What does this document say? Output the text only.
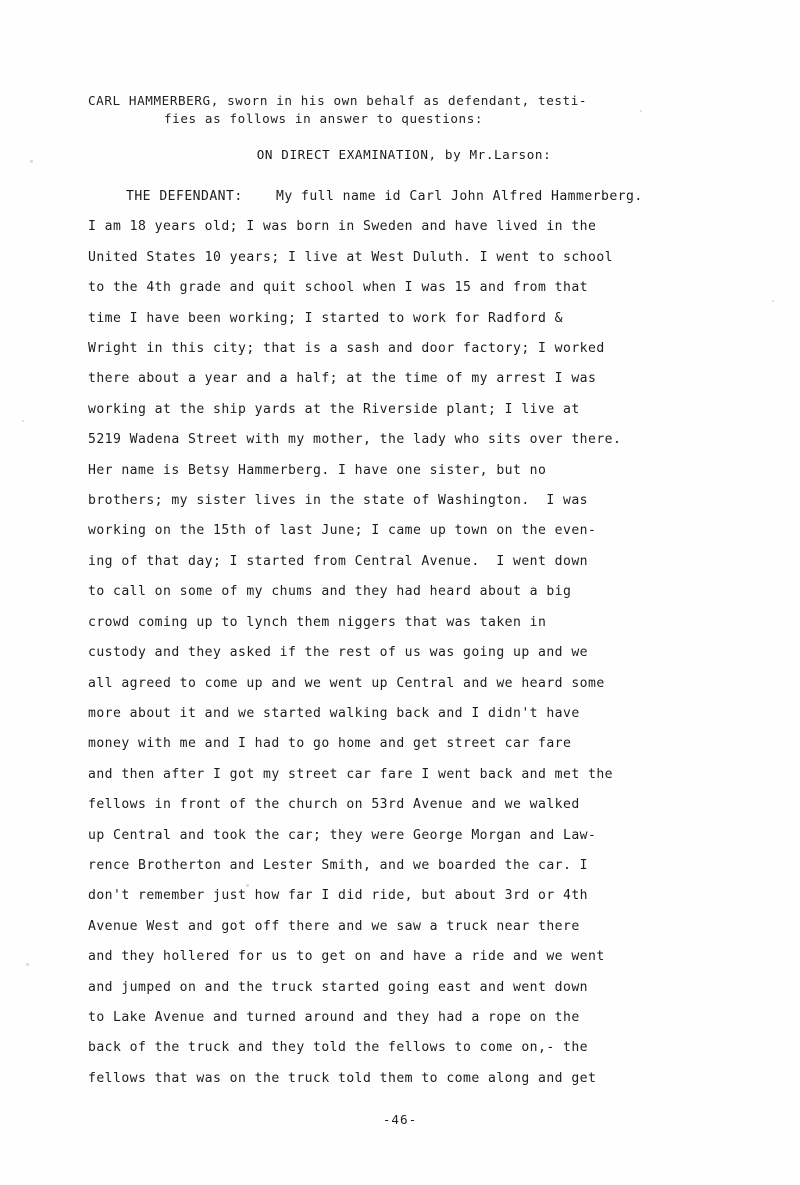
CARL HAMMERBERG, sworn in his own behalf as defendant, testi-
fies as follows in answer to questions:
ON DIRECT EXAMINATION, by Mr.Larson:
THE DEFENDANT:    My full name id Carl John Alfred Hammerberg.
I am 18 years old; I was born in Sweden and have lived in the
United States 10 years; I live at West Duluth. I went to school
to the 4th grade and quit school when I was 15 and from that
time I have been working; I started to work for Radford &
Wright in this city; that is a sash and door factory; I worked
there about a year and a half; at the time of my arrest I was
working at the ship yards at the Riverside plant; I live at
5219 Wadena Street with my mother, the lady who sits over there.
Her name is Betsy Hammerberg. I have one sister, but no
brothers; my sister lives in the state of Washington.  I was
working on the 15th of last June; I came up town on the even-
ing of that day; I started from Central Avenue.  I went down
to call on some of my chums and they had heard about a big
crowd coming up to lynch them niggers that was taken in
custody and they asked if the rest of us was going up and we
all agreed to come up and we went up Central and we heard some
more about it and we started walking back and I didn't have
money with me and I had to go home and get street car fare
and then after I got my street car fare I went back and met the
fellows in front of the church on 53rd Avenue and we walked
up Central and took the car; they were George Morgan and Law-
rence Brotherton and Lester Smith, and we boarded the car. I
don't remember just how far I did ride, but about 3rd or 4th
Avenue West and got off there and we saw a truck near there
and they hollered for us to get on and have a ride and we went
and jumped on and the truck started going east and went down
to Lake Avenue and turned around and they had a rope on the
back of the truck and they told the fellows to come on,- the
fellows that was on the truck told them to come along and get
-46-
